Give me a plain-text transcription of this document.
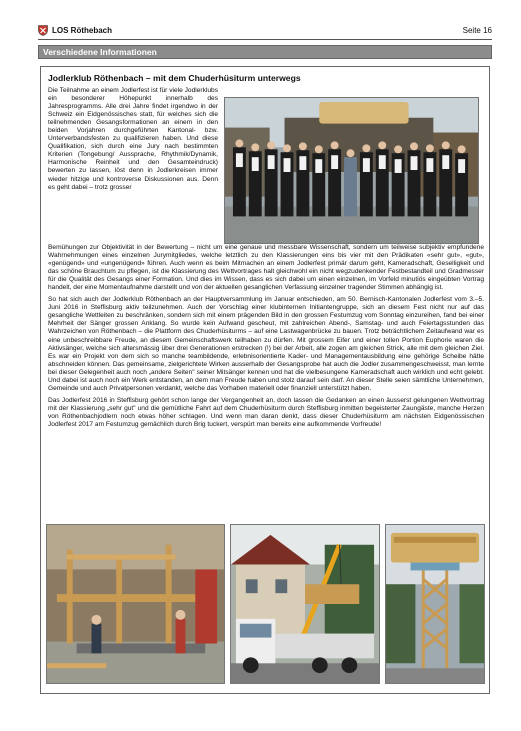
LOS Röthebach	Seite 16
Verschiedene Informationen
Jodlerklub Röthenbach – mit dem Chuderhüsiturm unterwegs
Die Teilnahme an einem Jodlerfest ist für viele Jodlerklubs ein besonderer Höhepunkt innerhalb des Jahresprogramms. Alle drei Jahre findet irgendwo in der Schweiz ein Eidgenössisches statt, für welches sich die teilnehmenden Gesangsformationen an einem in den beiden Vorjahren durchgeführten Kantonal- bzw. Unterverbandsfesten zu qualifizieren haben. Und diese Qualifikation, sich durch eine Jury nach bestimmten Kriterien (Tongebung/ Aussprache, Rhythmik/Dynamik, Harmonische Reinheit und den Gesamteindruck) bewerten zu lassen, löst denn in Jodlerkreisen immer wieder hitzige und kontroverse Diskussionen aus. Denn es geht dabei – trotz grosser

Bemühungen zur Objektivität in der Bewertung – nicht um eine genaue und messbare Wissenschaft, sondern um teilweise subjektiv empfundene Wahrnehmungen eines einzelnen Jurymitgliedes, welche letztlich zu den Klassierungen eins bis vier mit den Prädikaten «sehr gut», «gut», «genügend» und «ungenügend» führen. Auch wenn es beim Mitmachen an einem Jodlerfest primär darum geht, Kameradschaft, Geselligkeit und das schöne Brauchtum zu pflegen, ist die Klassierung des Wettvortrages halt gleichwohl ein nicht wegzudenkender Festbestandteil und Gradmesser für die Qualität des Gesangs einer Formation. Und dies im Wissen, dass es sich dabei um einen einzelnen, im Vorfeld minutiös eingeübten Vortrag handelt, der eine Momentaufnahme darstellt und von der aktuellen gesanglichen Verfassung einzelner tragender Stimmen abhängig ist.

So hat sich auch der Jodlerklub Röthenbach an der Hauptversammlung im Januar entschieden, am 50. Bernisch-Kantonalen Jodlerfest vom 3.–5. Juni 2016 in Steffisburg aktiv teilzunehmen. Auch der Vorschlag einer klubinternen Initiantengruppe, sich an diesem Fest nicht nur auf das gesangliche Wettleiten zu beschränken, sondern sich mit einem prägenden Bild in den grossen Festumzug vom Sonntag einzureihen, fand bei einer Mehrheit der Sänger grossen Anklang. So wurde kein Aufwand gescheut, mit zahlreichen Abend-, Samstag- und auch Feiertagsstunden das Wahrzeichen von Röthenbach – die Plattform des Chuderhüsiturms – auf eine Lastwagenbrücke zu bauen. Trotz beträchtlichem Zeitaufwand war es eine unbeschreibbare Freude, an diesem Gemeinschaftswerk teilhaben zu dürfen. Mit grossem Eifer und einer tollen Portion Euphorie waren die Aktivsänger, welche sich altersmässig über drei Generationen erstrecken (!) bei der Arbeit, alle zogen am gleichen Strick, alle mit dem gleichen Ziel. Es war ein Projekt von dem sich so manche teambildende, erlebnisorientierte Kader- und Managementausbildung eine gehörige Scheibe hätte abschneiden können. Das gemeinsame, zielgerichtete Wirken ausserhalb der Gesangsprobe hat auch die Jodler zusammengeschweisst, man lernte bei dieser Gelegenheit auch noch „andere Seiten" seiner Mitsänger kennen und hat die vielbesungene Kameradschaft auch wirklich und echt gelebt. Und dabei ist auch noch ein Werk entstanden, an dem man Freude haben und stolz darauf sein darf. An dieser Stelle seien sämtliche Unternehmen, Gemeinde und auch Privatpersonen verdankt, welche das Vorhaben materiell oder finanziell unterstützt haben.

Das Jodlerfest 2016 in Steffisburg gehört schon lange der Vergangenheit an, doch lassen die Gedanken an einen äusserst gelungenen Wettvortrag mit der Klassierung „sehr gut" und die gemütliche Fahrt auf dem Chuderhüsiturm durch Steffisburg inmitten begeisterter Zaungäste, manche Herzen von Röthenbachjodlern noch etwas höher schlagen. Und wenn man daran denkt, dass dieser Chuderhüsiturm am nächsten Eidgenössischen Jodlerfest 2017 am Festumzug gemächlich durch Brig tuckert, verspürt man bereits eine aufkommende Vorfreude!
